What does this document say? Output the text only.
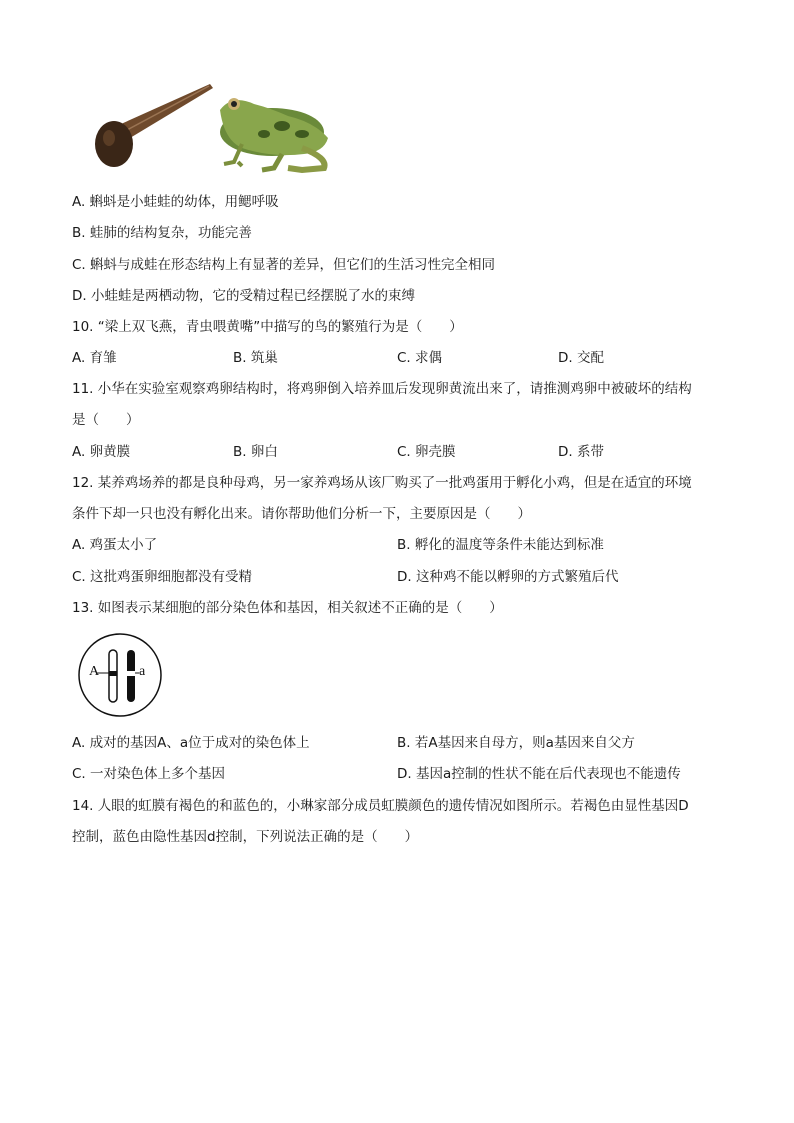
A. 蝌蚪是小蛙蛙的幼体，用鳃呼吸
B. 蛙肺的结构复杂，功能完善
C. 蝌蚪与成蛙在形态结构上有显著的差异，但它们的生活习性完全相同
D. 小蛙蛙是两栖动物，它的受精过程已经摆脱了水的束缚
10. “梁上双飞燕，青虫喂黄嘴”中描写的鸟的繁殖行为是（　　）
A. 育雏	B. 筑巢	C. 求偶	D. 交配
11. 小华在实验室观察鸡卵结构时，将鸡卵倒入培养皿后发现卵黄流出来了，请推测鸡卵中被破坏的结构
是（　　）
A. 卵黄膜	B. 卵白	C. 卵壳膜	D. 系带
12. 某养鸡场养的都是良种母鸡，另一家养鸡场从该厂购买了一批鸡蛋用于孵化小鸡，但是在适宜的环境
条件下却一只也没有孵化出来。请你帮助他们分析一下，主要原因是（　　）
A. 鸡蛋太小了	B. 孵化的温度等条件未能达到标准
C. 这批鸡蛋卵细胞都没有受精	D. 这种鸡不能以孵卵的方式繁殖后代
13. 如图表示某细胞的部分染色体和基因，相关叙述不正确的是（　　）
A	a
A. 成对的基因A、a位于成对的染色体上	B. 若A基因来自母方，则a基因来自父方
C. 一对染色体上多个基因	D. 基因a控制的性状不能在后代表现也不能遗传
14. 人眼的虹膜有褐色的和蓝色的，小琳家部分成员虹膜颜色的遗传情况如图所示。若褐色由显性基因D
控制，蓝色由隐性基因d控制，下列说法正确的是（　　）
